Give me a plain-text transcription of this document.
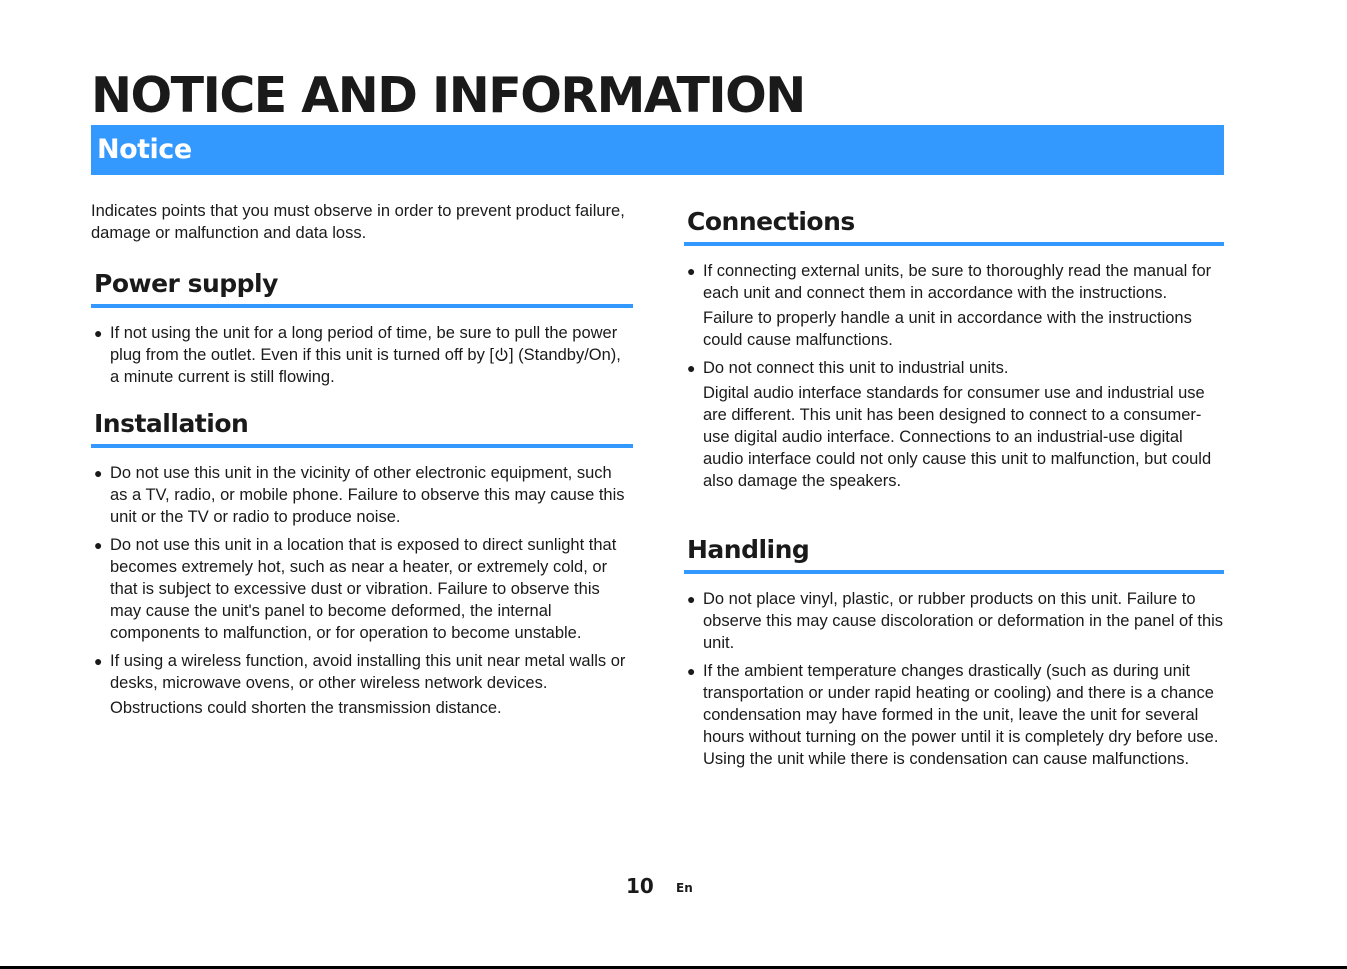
NOTICE AND INFORMATION
Notice

Indicates points that you must observe in order to prevent product failure, damage or malfunction and data loss.

Power supply
● If not using the unit for a long period of time, be sure to pull the power plug from the outlet. Even if this unit is turned off by [ ] (Standby/On), a minute current is still flowing.
Installation
● Do not use this unit in the vicinity of other electronic equipment, such as a TV, radio, or mobile phone. Failure to observe this may cause this unit or the TV or radio to produce noise.
● Do not use this unit in a location that is exposed to direct sunlight that becomes extremely hot, such as near a heater, or extremely cold, or that is subject to excessive dust or vibration. Failure to observe this may cause the unit's panel to become deformed, the internal components to malfunction, or for operation to become unstable.
● If using a wireless function, avoid installing this unit near metal walls or desks, microwave ovens, or other wireless network devices.
Obstructions could shorten the transmission distance.
Connections
● If connecting external units, be sure to thoroughly read the manual for each unit and connect them in accordance with the instructions.
Failure to properly handle a unit in accordance with the instructions could cause malfunctions.
● Do not connect this unit to industrial units.
Digital audio interface standards for consumer use and industrial use are different. This unit has been designed to connect to a consumer-use digital audio interface. Connections to an industrial-use digital audio interface could not only cause this unit to malfunction, but could also damage the speakers.
Handling
● Do not place vinyl, plastic, or rubber products on this unit. Failure to observe this may cause discoloration or deformation in the panel of this unit.
● If the ambient temperature changes drastically (such as during unit transportation or under rapid heating or cooling) and there is a chance condensation may have formed in the unit, leave the unit for several hours without turning on the power until it is completely dry before use. Using the unit while there is condensation can cause malfunctions.
10 En
